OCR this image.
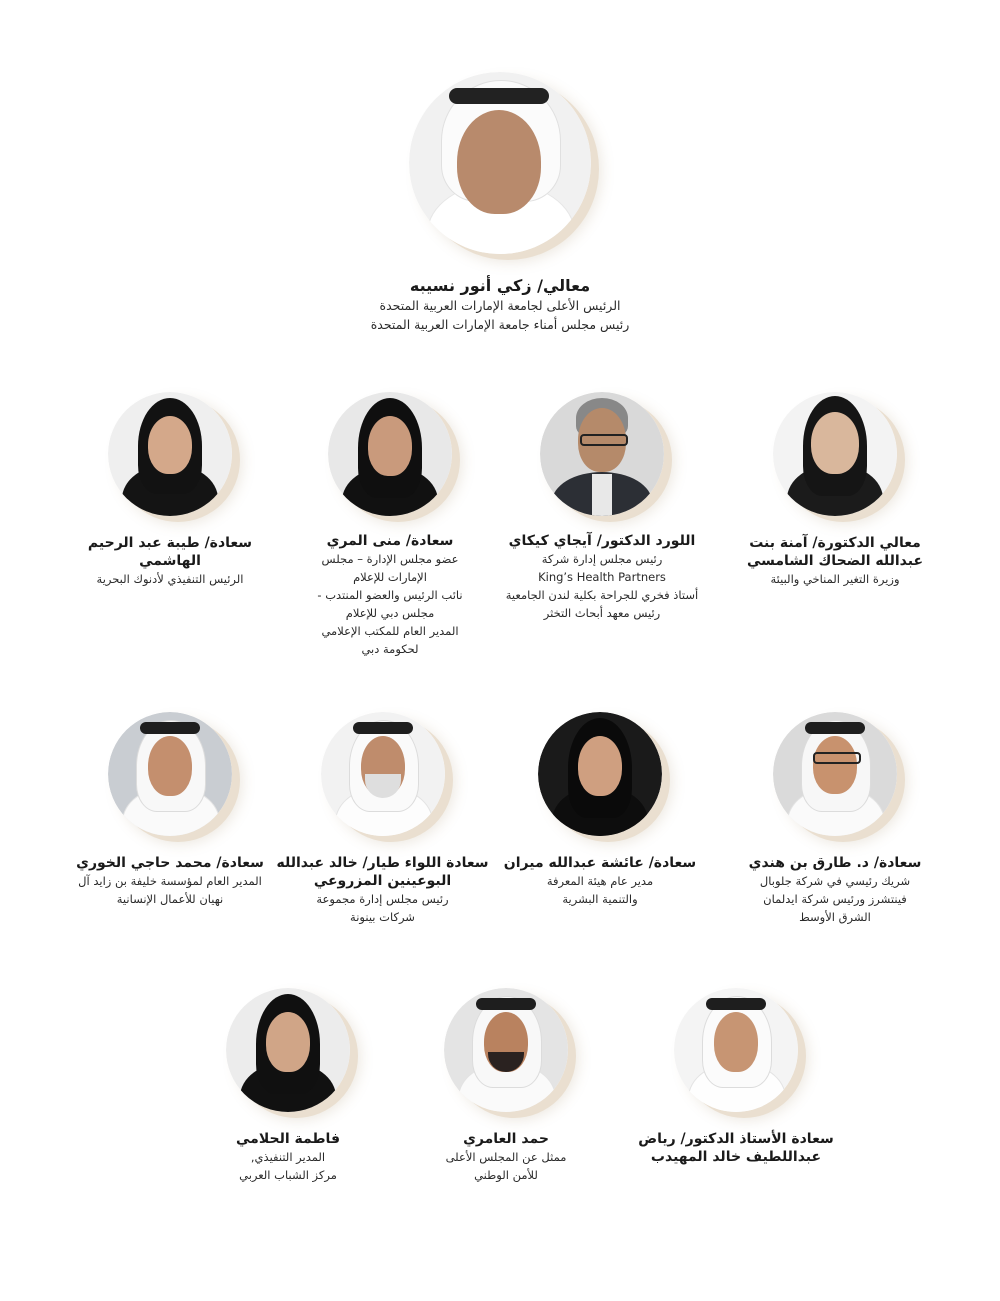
معالي/ زكي أنور نسيبه
الرئيس الأعلى لجامعة الإمارات العربية المتحدة
رئيس مجلس أمناء جامعة الإمارات العربية المتحدة
معالي الدكتورة/ آمنة بنت عبدالله الضحاك الشامسي
وزيرة التغير المناخي والبيئة
اللورد الدكتور/ آيجاي كيكاي
رئيس مجلس إدارة شركة
King’s Health Partners
أستاذ فخري للجراحة بكلية لندن الجامعية
رئيس معهد أبحاث التخثر
سعادة/ منى المري
عضو مجلس الإدارة – مجلس
الإمارات للإعلام
نائب الرئيس والعضو المنتدب -
مجلس دبي للإعلام
المدير العام للمكتب الإعلامي
لحكومة دبي
سعادة/ طيبة عبد الرحيم الهاشمي
الرئيس التنفيذي لأدنوك البحرية
سعادة/ د. طارق بن هندي
شريك رئيسي في شركة جلوبال
فينتشرز ورئيس شركة ايدلمان
الشرق الأوسط
سعادة/ عائشة عبدالله ميران
مدير عام هيئة المعرفة
والتنمية البشرية
سعادة اللواء طيار/ خالد عبدالله البوعينين المزروعي
رئيس مجلس إدارة مجموعة
شركات بينونة
سعادة/ محمد حاجي الخوري
المدير العام لمؤسسة خليفة بن زايد آل
نهيان للأعمال الإنسانية
سعادة الأستاذ الدكتور/ رياض عبداللطيف خالد المهيدب
حمد العامري
ممثل عن المجلس الأعلى
للأمن الوطني
فاطمة الحلامي
المدير التنفيذي,
مركز الشباب العربي
